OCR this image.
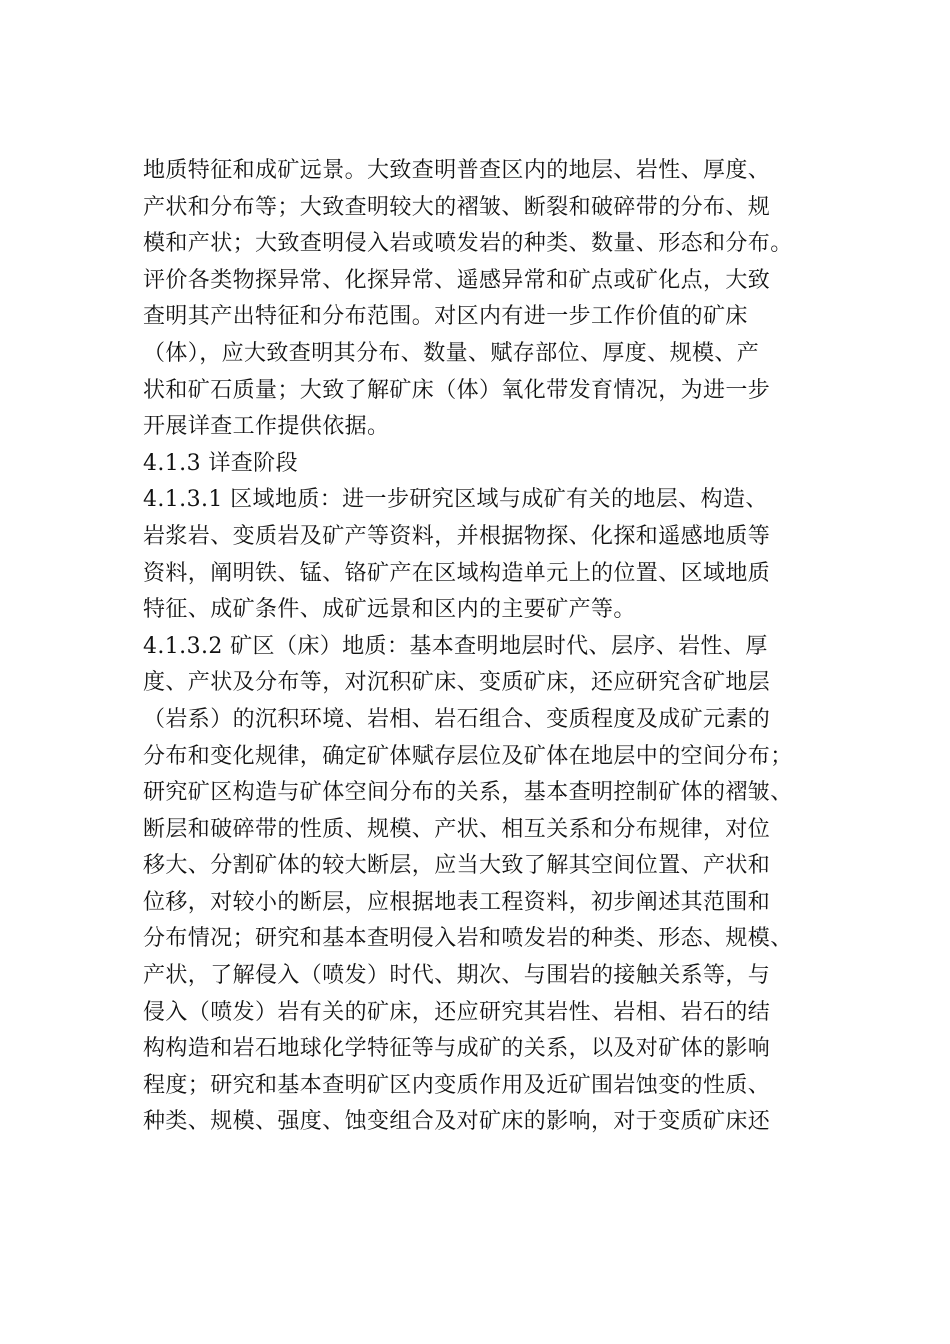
地质特征和成矿远景。大致查明普查区内的地层、岩性、厚度、
产状和分布等；大致查明较大的褶皱、断裂和破碎带的分布、规
模和产状；大致查明侵入岩或喷发岩的种类、数量、形态和分布。
评价各类物探异常、化探异常、遥感异常和矿点或矿化点，大致
查明其产出特征和分布范围。对区内有进一步工作价值的矿床
（体），应大致查明其分布、数量、赋存部位、厚度、规模、产
状和矿石质量；大致了解矿床（体）氧化带发育情况，为进一步
开展详查工作提供依据。
4.1.3 详查阶段
4.1.3.1 区域地质：进一步研究区域与成矿有关的地层、构造、
岩浆岩、变质岩及矿产等资料，并根据物探、化探和遥感地质等
资料，阐明铁、锰、铬矿产在区域构造单元上的位置、区域地质
特征、成矿条件、成矿远景和区内的主要矿产等。
4.1.3.2 矿区（床）地质：基本查明地层时代、层序、岩性、厚
度、产状及分布等，对沉积矿床、变质矿床，还应研究含矿地层
（岩系）的沉积环境、岩相、岩石组合、变质程度及成矿元素的
分布和变化规律，确定矿体赋存层位及矿体在地层中的空间分布；
研究矿区构造与矿体空间分布的关系，基本查明控制矿体的褶皱、
断层和破碎带的性质、规模、产状、相互关系和分布规律，对位
移大、分割矿体的较大断层，应当大致了解其空间位置、产状和
位移，对较小的断层，应根据地表工程资料，初步阐述其范围和
分布情况；研究和基本查明侵入岩和喷发岩的种类、形态、规模、
产状，了解侵入（喷发）时代、期次、与围岩的接触关系等，与
侵入（喷发）岩有关的矿床，还应研究其岩性、岩相、岩石的结
构构造和岩石地球化学特征等与成矿的关系，以及对矿体的影响
程度；研究和基本查明矿区内变质作用及近矿围岩蚀变的性质、
种类、规模、强度、蚀变组合及对矿床的影响，对于变质矿床还
